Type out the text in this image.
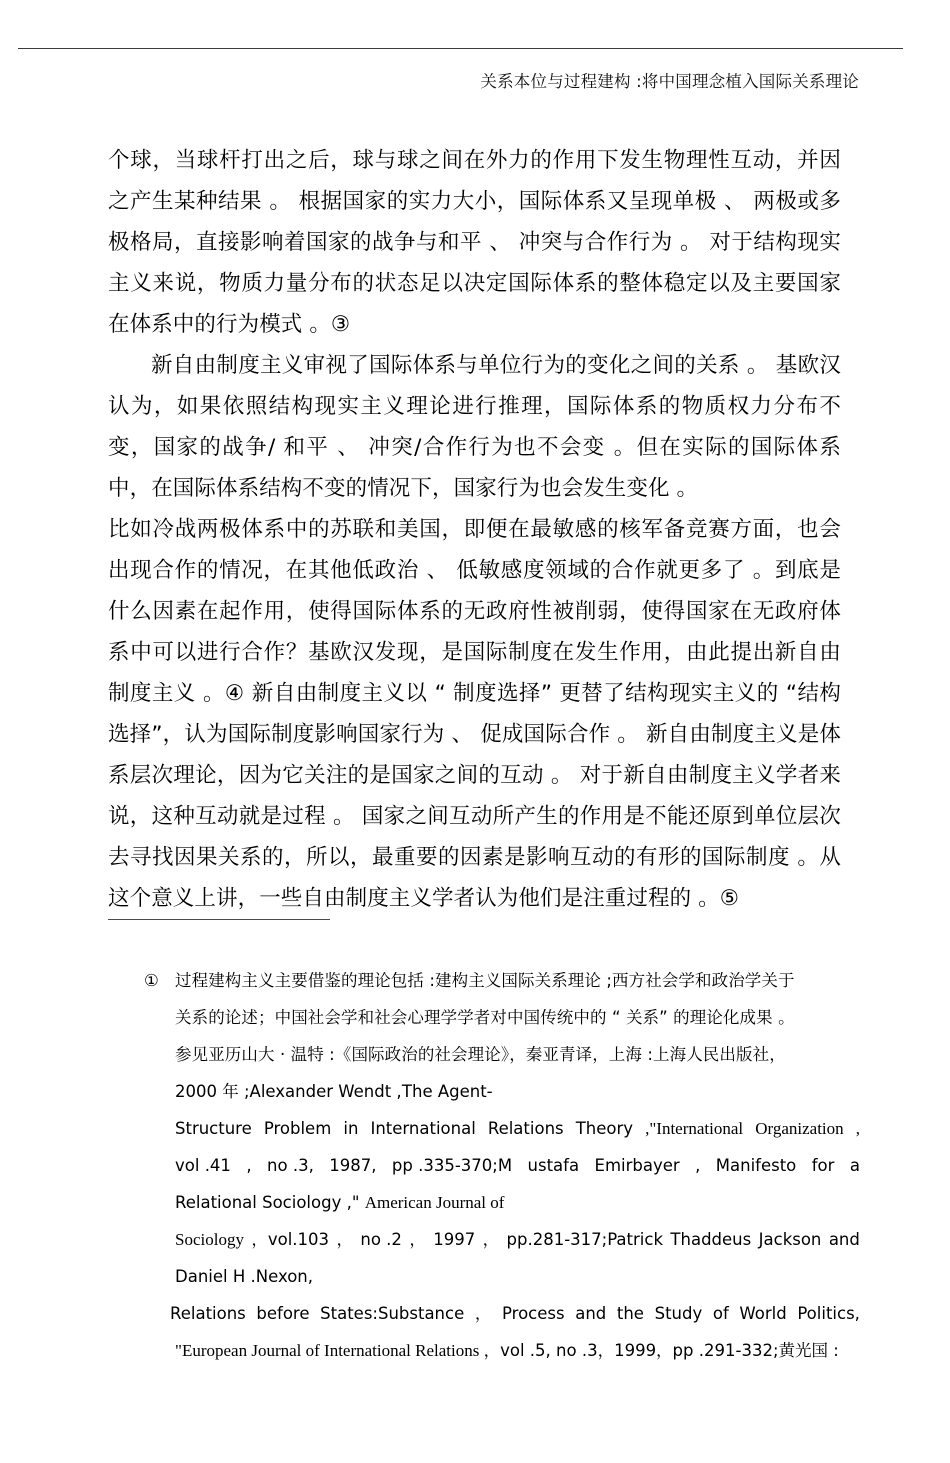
关系本位与过程建构 :将中国理念植入国际关系理论

个球，当球杆打出之后，球与球之间在外力的作用下发生物理性互动，并因之产生某种结果 。 根据国家的实力大小，国际体系又呈现单极 、 两极或多极格局，直接影响着国家的战争与和平 、 冲突与合作行为 。 对于结构现实主义来说，物质力量分布的状态足以决定国际体系的整体稳定以及主要国家在体系中的行为模式 。③

新自由制度主义审视了国际体系与单位行为的变化之间的关系 。 基欧汉认为，如果依照结构现实主义理论进行推理，国际体系的物质权力分布不变，国家的战争/ 和平 、 冲突/合作行为也不会变 。但在实际的国际体系中，在国际体系结构不变的情况下，国家行为也会发生变化 。

比如冷战两极体系中的苏联和美国，即便在最敏感的核军备竞赛方面，也会出现合作的情况，在其他低政治 、 低敏感度领域的合作就更多了 。到底是什么因素在起作用，使得国际体系的无政府性被削弱，使得国家在无政府体系中可以进行合作？基欧汉发现，是国际制度在发生作用，由此提出新自由制度主义 。④ 新自由制度主义以 “ 制度选择” 更替了结构现实主义的 “结构选择”，认为国际制度影响国家行为 、 促成国际合作 。 新自由制度主义是体系层次理论，因为它关注的是国家之间的互动 。 对于新自由制度主义学者来说，这种互动就是过程 。 国家之间互动所产生的作用是不能还原到单位层次去寻找因果关系的，所以，最重要的因素是影响互动的有形的国际制度 。从这个意义上讲，一些自由制度主义学者认为他们是注重过程的 。⑤

① 过程建构主义主要借鉴的理论包括 :建构主义国际关系理论 ;西方社会学和政治学关于
关系的论述；中国社会学和社会心理学学者对中国传统中的 “ 关系” 的理论化成果 。
参见亚历山大 · 温特 :《国际政治的社会理论》，秦亚青译，上海 :上海人民出版社，
2000 年 ;Alexander Wendt , The Agent-
Structure Problem in International Relations Theory ,"International Organization ,
vol .41 , no .3, 1987, pp .335-370;M ustafa Emirbayer , Manifesto for a
Relational Sociology ," American Journal of
Sociology ，vol.103 ， no .2 ， 1997 ， pp.281-317;Patrick Thaddeus Jackson and
Daniel H .Nexon,
Relations before States:Substance ， Process and the Study of World Politics,
"European Journal of International Relations ，vol .5, no .3，1999，pp .291-332;黄光国 :
